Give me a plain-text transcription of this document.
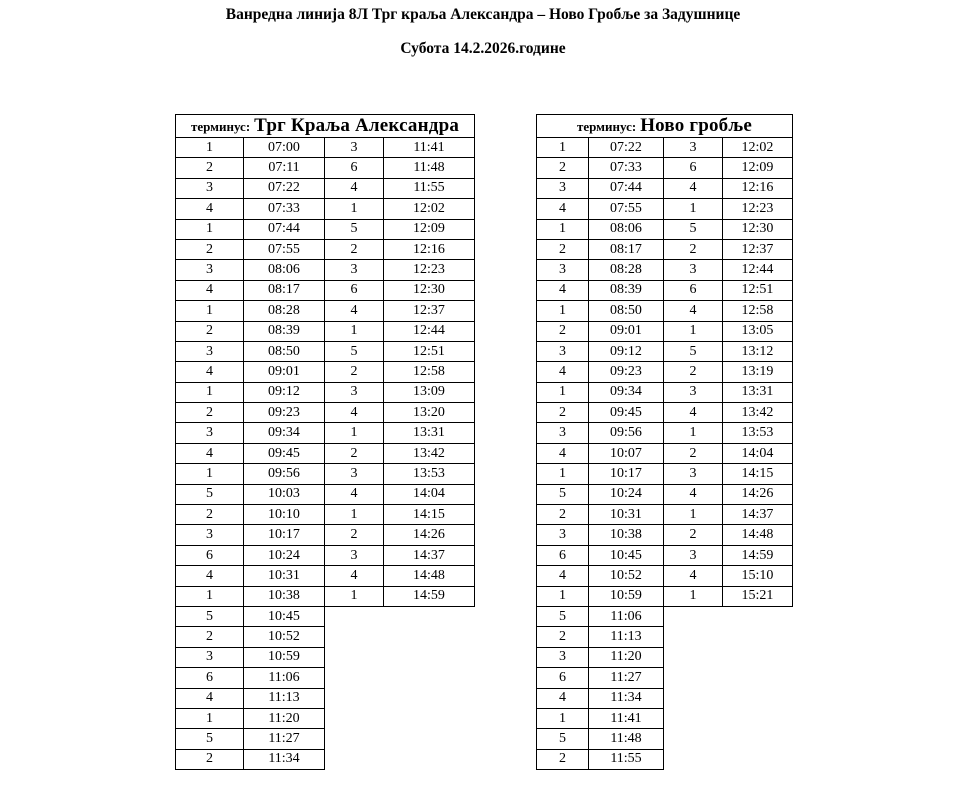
Ванредна линија 8Л Трг краља Александра – Ново Гробље за Задушнице
Субота 14.2.2026.године
терминус: Трг Краља Александра			
1	07:00	3	11:41
2	07:11	6	11:48
3	07:22	4	11:55
4	07:33	1	12:02
1	07:44	5	12:09
2	07:55	2	12:16
3	08:06	3	12:23
4	08:17	6	12:30
1	08:28	4	12:37
2	08:39	1	12:44
3	08:50	5	12:51
4	09:01	2	12:58
1	09:12	3	13:09
2	09:23	4	13:20
3	09:34	1	13:31
4	09:45	2	13:42
1	09:56	3	13:53
5	10:03	4	14:04
2	10:10	1	14:15
3	10:17	2	14:26
6	10:24	3	14:37
4	10:31	4	14:48
1	10:38	1	14:59
5	10:45		
2	10:52		
3	10:59		
6	11:06		
4	11:13		
1	11:20		
5	11:27		
2	11:34		
терминус: Ново гробље			
1	07:22	3	12:02
2	07:33	6	12:09
3	07:44	4	12:16
4	07:55	1	12:23
1	08:06	5	12:30
2	08:17	2	12:37
3	08:28	3	12:44
4	08:39	6	12:51
1	08:50	4	12:58
2	09:01	1	13:05
3	09:12	5	13:12
4	09:23	2	13:19
1	09:34	3	13:31
2	09:45	4	13:42
3	09:56	1	13:53
4	10:07	2	14:04
1	10:17	3	14:15
5	10:24	4	14:26
2	10:31	1	14:37
3	10:38	2	14:48
6	10:45	3	14:59
4	10:52	4	15:10
1	10:59	1	15:21
5	11:06		
2	11:13		
3	11:20		
6	11:27		
4	11:34		
1	11:41		
5	11:48		
2	11:55		
